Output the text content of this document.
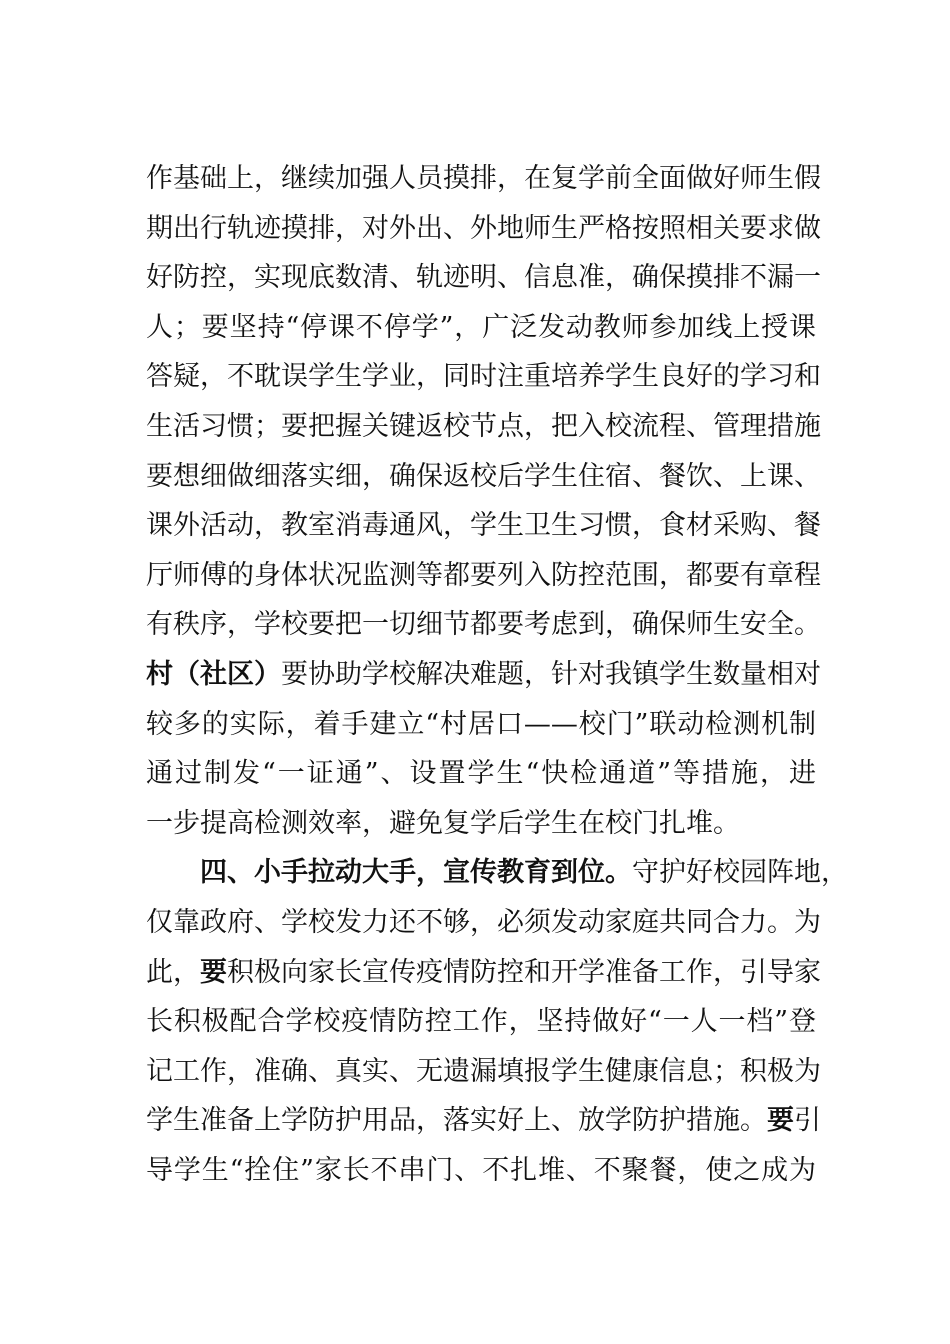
作基础上，继续加强人员摸排，在复学前全面做好师生假
期出行轨迹摸排，对外出、外地师生严格按照相关要求做
好防控，实现底数清、轨迹明、信息准，确保摸排不漏一
人；要坚持“停课不停学”，广泛发动教师参加线上授课
答疑，不耽误学生学业，同时注重培养学生良好的学习和
生活习惯；要把握关键返校节点，把入校流程、管理措施
要想细做细落实细，确保返校后学生住宿、餐饮、上课、
课外活动，教室消毒通风，学生卫生习惯，食材采购、餐
厅师傅的身体状况监测等都要列入防控范围，都要有章程
有秩序，学校要把一切细节都要考虑到，确保师生安全。
村（社区）要协助学校解决难题，针对我镇学生数量相对
较多的实际，着手建立“村居口——校门”联动检测机制
通过制发“一证通”、设置学生“快检通道”等措施，进
一步提高检测效率，避免复学后学生在校门扎堆。
四、小手拉动大手，宣传教育到位。守护好校园阵地，
仅靠政府、学校发力还不够，必须发动家庭共同合力。为
此，要积极向家长宣传疫情防控和开学准备工作，引导家
长积极配合学校疫情防控工作，坚持做好“一人一档”登
记工作，准确、真实、无遗漏填报学生健康信息；积极为
学生准备上学防护用品，落实好上、放学防护措施。要引
导学生“拴住”家长不串门、不扎堆、不聚餐，使之成为
